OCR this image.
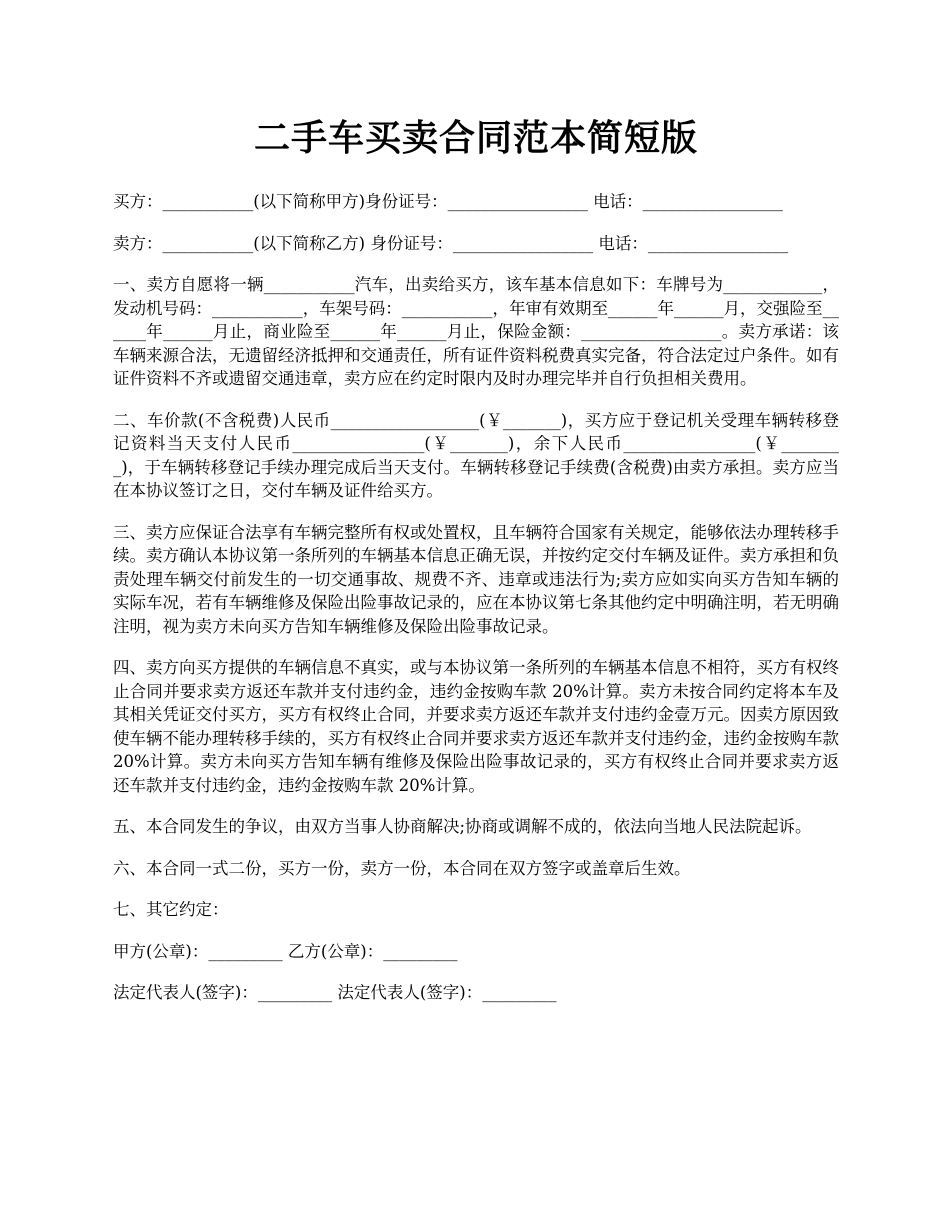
二手车买卖合同范本简短版

买方：___________(以下简称甲方)身份证号：_________________ 电话：_________________

卖方：___________(以下简称乙方) 身份证号：_________________ 电话：_________________

一、卖方自愿将一辆___________汽车，出卖给买方，该车基本信息如下：车牌号为____________，发动机号码：___________，车架号码：___________，年审有效期至______年______月，交强险至______年______月止，商业险至______年______月止，保险金额：_________________。卖方承诺：该车辆来源合法，无遗留经济抵押和交通责任，所有证件资料税费真实完备，符合法定过户条件。如有证件资料不齐或遗留交通违章，卖方应在约定时限内及时办理完毕并自行负担相关费用。

二、车价款(不含税费)人民币__________________(￥_______)，买方应于登记机关受理车辆转移登记资料当天支付人民币________________(￥_______)，余下人民币________________(￥________)，于车辆转移登记手续办理完成后当天支付。车辆转移登记手续费(含税费)由卖方承担。卖方应当在本协议签订之日，交付车辆及证件给买方。

三、卖方应保证合法享有车辆完整所有权或处置权，且车辆符合国家有关规定，能够依法办理转移手续。卖方确认本协议第一条所列的车辆基本信息正确无误，并按约定交付车辆及证件。卖方承担和负责处理车辆交付前发生的一切交通事故、规费不齐、违章或违法行为;卖方应如实向买方告知车辆的实际车况，若有车辆维修及保险出险事故记录的，应在本协议第七条其他约定中明确注明，若无明确注明，视为卖方未向买方告知车辆维修及保险出险事故记录。

四、卖方向买方提供的车辆信息不真实，或与本协议第一条所列的车辆基本信息不相符，买方有权终止合同并要求卖方返还车款并支付违约金，违约金按购车款 20%计算。卖方未按合同约定将本车及其相关凭证交付买方，买方有权终止合同，并要求卖方返还车款并支付违约金壹万元。因卖方原因致使车辆不能办理转移手续的，买方有权终止合同并要求卖方返还车款并支付违约金，违约金按购车款 20%计算。卖方未向买方告知车辆有维修及保险出险事故记录的，买方有权终止合同并要求卖方返还车款并支付违约金，违约金按购车款 20%计算。

五、本合同发生的争议，由双方当事人协商解决;协商或调解不成的，依法向当地人民法院起诉。

六、本合同一式二份，买方一份，卖方一份，本合同在双方签字或盖章后生效。

七、其它约定：

甲方(公章)：_________ 乙方(公章)：_________

法定代表人(签字)：_________ 法定代表人(签字)：_________
